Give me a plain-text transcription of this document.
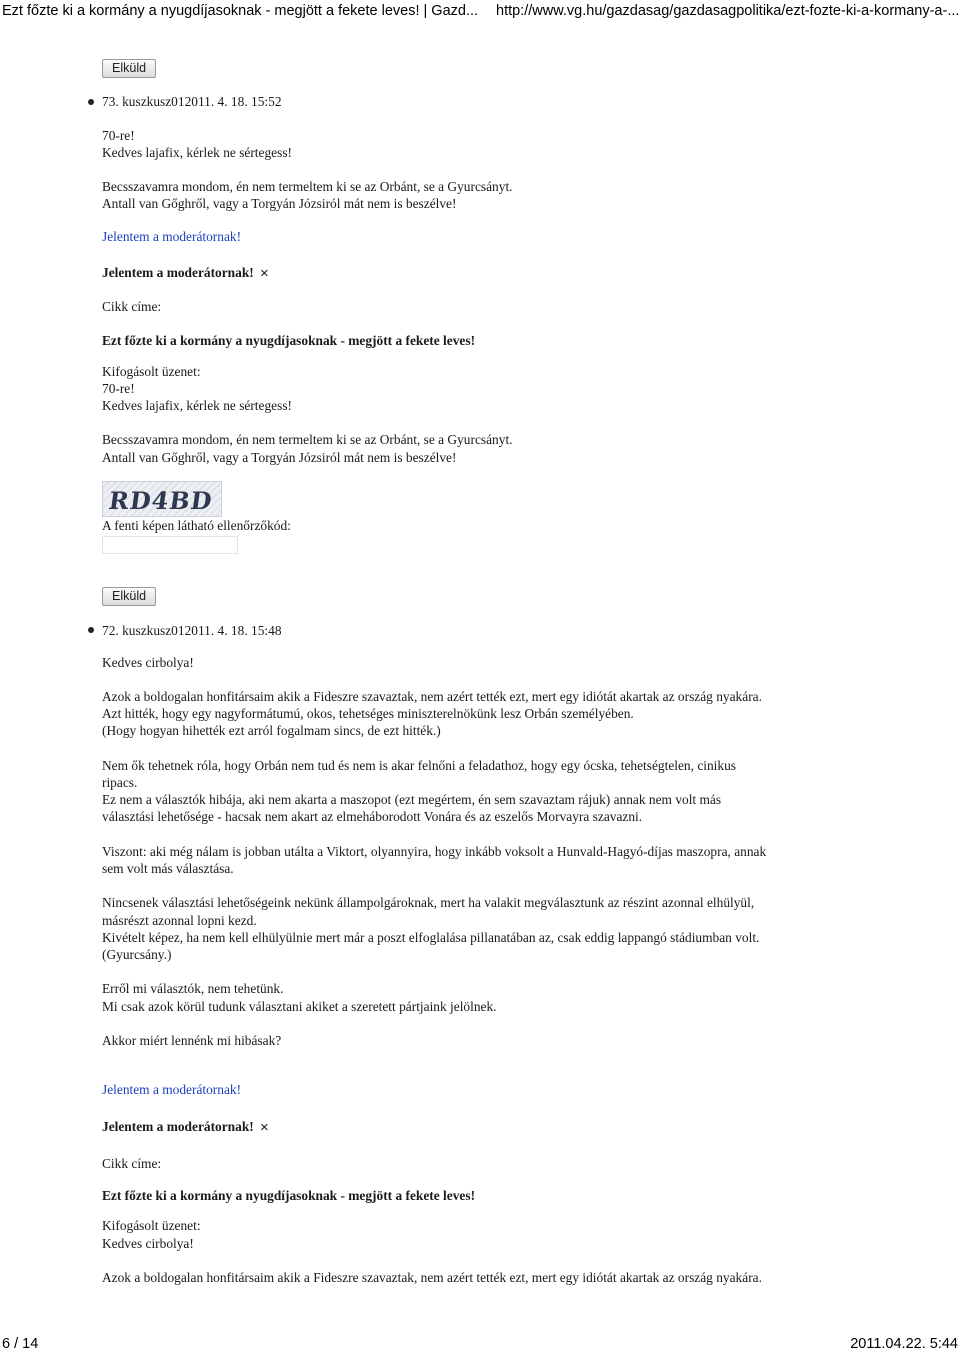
Ezt főzte ki a kormány a nyugdíjasoknak - megjött a fekete leves! | Gazd... http://www.vg.hu/gazdasag/gazdasagpolitika/ezt-fozte-ki-a-kormany-a-...
Elküld
73. kuszkusz012011. 4. 18. 15:52
70-re!
Kedves lajafix, kérlek ne sértegess!
Becsszavamra mondom, én nem termeltem ki se az Orbánt, se a Gyurcsányt.
Antall van Gőghről, vagy a Torgyán Józsiról mát nem is beszélve!
Jelentem a moderátornak!
Jelentem a moderátornak! ✕
Cikk címe:
Ezt főzte ki a kormány a nyugdíjasoknak - megjött a fekete leves!
Kifogásolt üzenet:
70-re!
Kedves lajafix, kérlek ne sértegess!
Becsszavamra mondom, én nem termeltem ki se az Orbánt, se a Gyurcsányt.
Antall van Gőghről, vagy a Torgyán Józsiról mát nem is beszélve!
RD4BD
A fenti képen látható ellenőrzőkód:
Elküld
72. kuszkusz012011. 4. 18. 15:48
Kedves cirbolya!
Azok a boldogalan honfitársaim akik a Fideszre szavaztak, nem azért tették ezt, mert egy idiótát akartak az ország nyakára.
Azt hitték, hogy egy nagyformátumú, okos, tehetséges miniszterelnökünk lesz Orbán személyében.
(Hogy hogyan hihették ezt arról fogalmam sincs, de ezt hitték.)
Nem ők tehetnek róla, hogy Orbán nem tud és nem is akar felnőni a feladathoz, hogy egy ócska, tehetségtelen, cinikus
ripacs.
Ez nem a választók hibája, aki nem akarta a maszopot (ezt megértem, én sem szavaztam rájuk) annak nem volt más
választási lehetősége - hacsak nem akart az elmeháborodott Vonára és az eszelős Morvayra szavazni.
Viszont: aki még nálam is jobban utálta a Viktort, olyannyira, hogy inkább voksolt a Hunvald-Hagyó-díjas maszopra, annak
sem volt más választása.
Nincsenek választási lehetőségeink nekünk állampolgároknak, mert ha valakit megválasztunk az részint azonnal elhülyül,
másrészt azonnal lopni kezd.
Kivételt képez, ha nem kell elhülyülnie mert már a poszt elfoglalása pillanatában az, csak eddig lappangó stádiumban volt.
(Gyurcsány.)
Erről mi választók, nem tehetünk.
Mi csak azok körül tudunk választani akiket a szeretett pártjaink jelölnek.
Akkor miért lennénk mi hibásak?
Jelentem a moderátornak!
Jelentem a moderátornak! ✕
Cikk címe:
Ezt főzte ki a kormány a nyugdíjasoknak - megjött a fekete leves!
Kifogásolt üzenet:
Kedves cirbolya!
Azok a boldogalan honfitársaim akik a Fideszre szavaztak, nem azért tették ezt, mert egy idiótát akartak az ország nyakára.
6 / 14	2011.04.22. 5:44
